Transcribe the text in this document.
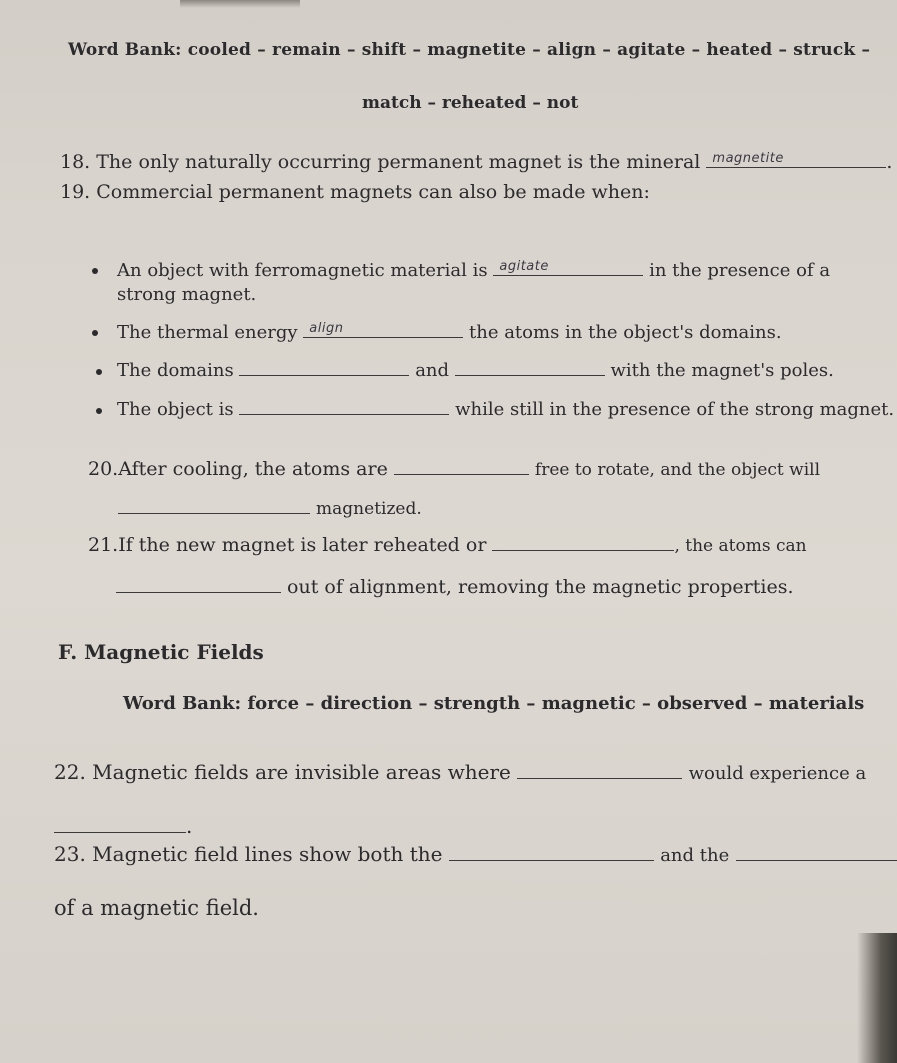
Word Bank: cooled – remain – shift – magnetite – align – agitate – heated – struck –
match – reheated – not
18. The only naturally occurring permanent magnet is the mineral magnetite	.
19. Commercial permanent magnets can also be made when:
An object with ferromagnetic material is agitate	in the presence of a
strong magnet.
The thermal energy align	the atoms in the object's domains.
The domains	and	with the magnet's poles.
The object is	while still in the presence of the strong magnet.
20.After cooling, the atoms are	free to rotate, and the object will
magnetized.
21.If the new magnet is later reheated or	, the atoms can
out of alignment, removing the magnetic properties.
F. Magnetic Fields
Word Bank: force – direction – strength – magnetic – observed – materials
22. Magnetic fields are invisible areas where	would experience a
.
23. Magnetic field lines show both the	and the
of a magnetic field.
